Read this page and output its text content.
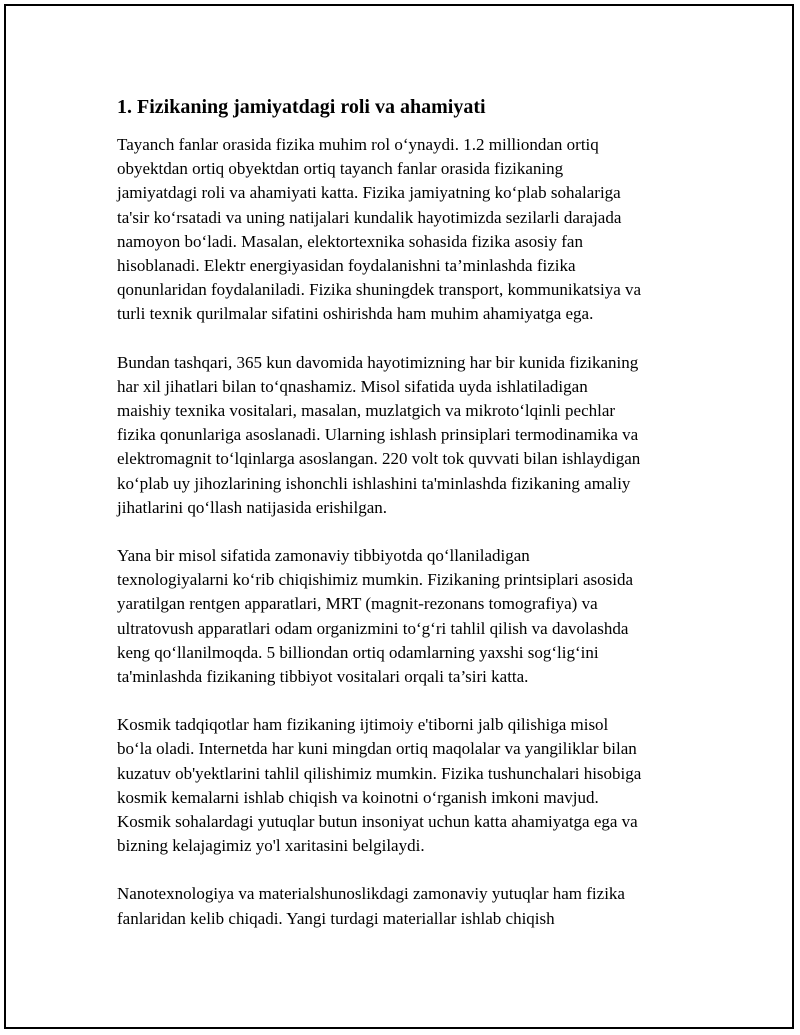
1. Fizikaning jamiyatdagi roli va ahamiyati

Tayanch fanlar orasida fizika muhim rol o‘ynaydi. 1.2 milliondan ortiq
obyektdan ortiq obyektdan ortiq tayanch fanlar orasida fizikaning
jamiyatdagi roli va ahamiyati katta. Fizika jamiyatning ko‘plab sohalariga
ta'sir ko‘rsatadi va uning natijalari kundalik hayotimizda sezilarli darajada
namoyon bo‘ladi. Masalan, elektortexnika sohasida fizika asosiy fan
hisoblanadi. Elektr energiyasidan foydalanishni ta’minlashda fizika
qonunlaridan foydalaniladi. Fizika shuningdek transport, kommunikatsiya va
turli texnik qurilmalar sifatini oshirishda ham muhim ahamiyatga ega.

Bundan tashqari, 365 kun davomida hayotimizning har bir kunida fizikaning
har xil jihatlari bilan to‘qnashamiz. Misol sifatida uyda ishlatiladigan
maishiy texnika vositalari, masalan, muzlatgich va mikroto‘lqinli pechlar
fizika qonunlariga asoslanadi. Ularning ishlash prinsiplari termodinamika va
elektromagnit to‘lqinlarga asoslangan. 220 volt tok quvvati bilan ishlaydigan
ko‘plab uy jihozlarining ishonchli ishlashini ta'minlashda fizikaning amaliy
jihatlarini qo‘llash natijasida erishilgan.

Yana bir misol sifatida zamonaviy tibbiyotda qo‘llaniladigan
texnologiyalarni ko‘rib chiqishimiz mumkin. Fizikaning printsiplari asosida
yaratilgan rentgen apparatlari, MRT (magnit-rezonans tomografiya) va
ultratovush apparatlari odam organizmini to‘g‘ri tahlil qilish va davolashda
keng qo‘llanilmoqda. 5 billiondan ortiq odamlarning yaxshi sog‘lig‘ini
ta'minlashda fizikaning tibbiyot vositalari orqali ta’siri katta.

Kosmik tadqiqotlar ham fizikaning ijtimoiy e'tiborni jalb qilishiga misol
bo‘la oladi. Internetda har kuni mingdan ortiq maqolalar va yangiliklar bilan
kuzatuv ob'yektlarini tahlil qilishimiz mumkin. Fizika tushunchalari hisobiga
kosmik kemalarni ishlab chiqish va koinotni o‘rganish imkoni mavjud.
Kosmik sohalardagi yutuqlar butun insoniyat uchun katta ahamiyatga ega va
bizning kelajagimiz yo'l xaritasini belgilaydi.

Nanotexnologiya va materialshunoslikdagi zamonaviy yutuqlar ham fizika
fanlaridan kelib chiqadi. Yangi turdagi materiallar ishlab chiqish
